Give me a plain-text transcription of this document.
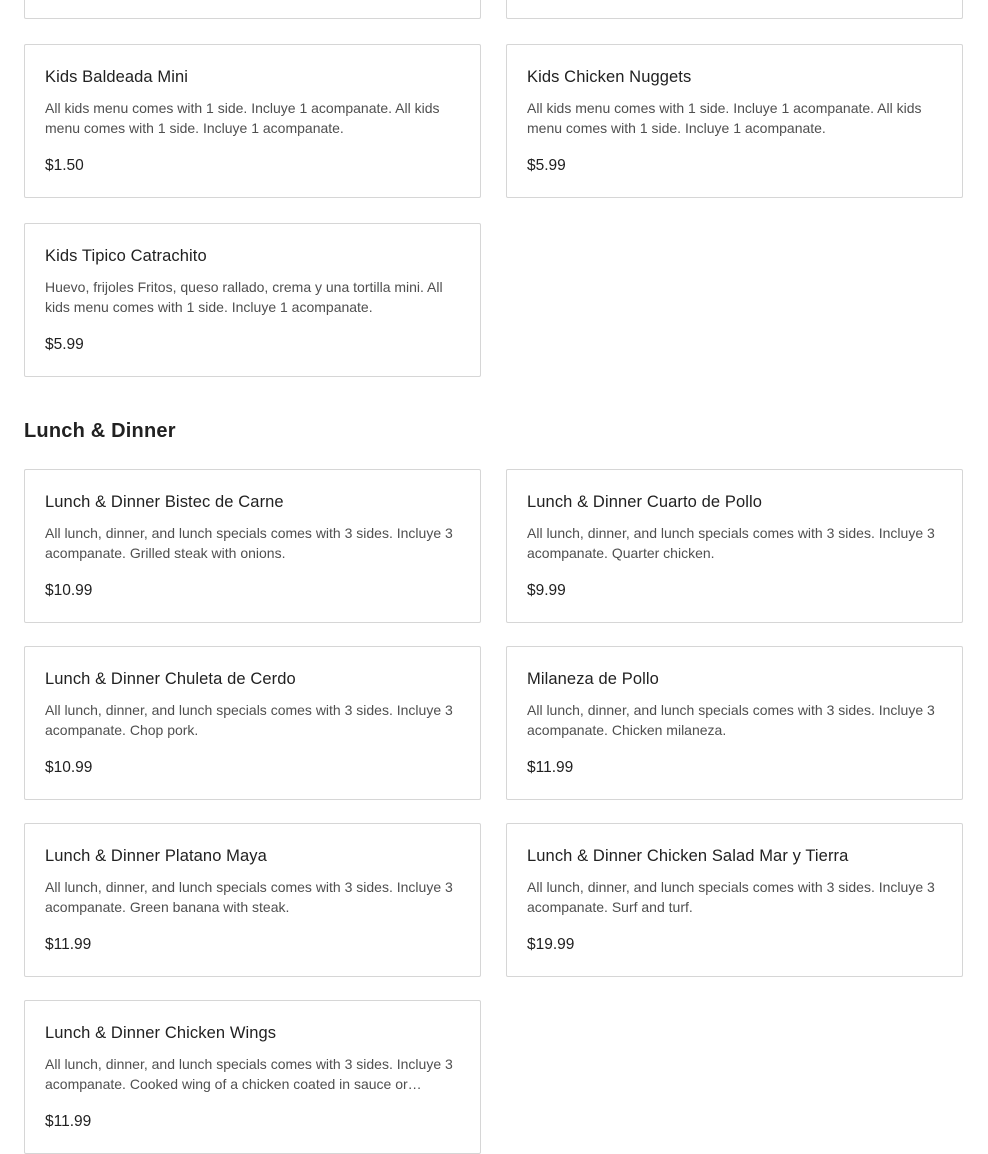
Kids Baldeada Mini

All kids menu comes with 1 side. Incluye 1 acompanate. All kids menu comes with 1 side. Incluye 1 acompanate.

$1.50
Kids Chicken Nuggets

All kids menu comes with 1 side. Incluye 1 acompanate. All kids menu comes with 1 side. Incluye 1 acompanate.

$5.99
Kids Tipico Catrachito

Huevo, frijoles Fritos, queso rallado, crema y una tortilla mini. All kids menu comes with 1 side. Incluye 1 acompanate.

$5.99
Lunch & Dinner
Lunch & Dinner Bistec de Carne

All lunch, dinner, and lunch specials comes with 3 sides. Incluye 3 acompanate. Grilled steak with onions.

$10.99
Lunch & Dinner Cuarto de Pollo

All lunch, dinner, and lunch specials comes with 3 sides. Incluye 3 acompanate. Quarter chicken.

$9.99
Lunch & Dinner Chuleta de Cerdo

All lunch, dinner, and lunch specials comes with 3 sides. Incluye 3 acompanate. Chop pork.

$10.99
Milaneza de Pollo

All lunch, dinner, and lunch specials comes with 3 sides. Incluye 3 acompanate. Chicken milaneza.

$11.99
Lunch & Dinner Platano Maya

All lunch, dinner, and lunch specials comes with 3 sides. Incluye 3 acompanate. Green banana with steak.

$11.99
Lunch & Dinner Chicken Salad Mar y Tierra

All lunch, dinner, and lunch specials comes with 3 sides. Incluye 3 acompanate. Surf and turf.

$19.99
Lunch & Dinner Chicken Wings

All lunch, dinner, and lunch specials comes with 3 sides. Incluye 3 acompanate. Cooked wing of a chicken coated in sauce or…

$11.99
